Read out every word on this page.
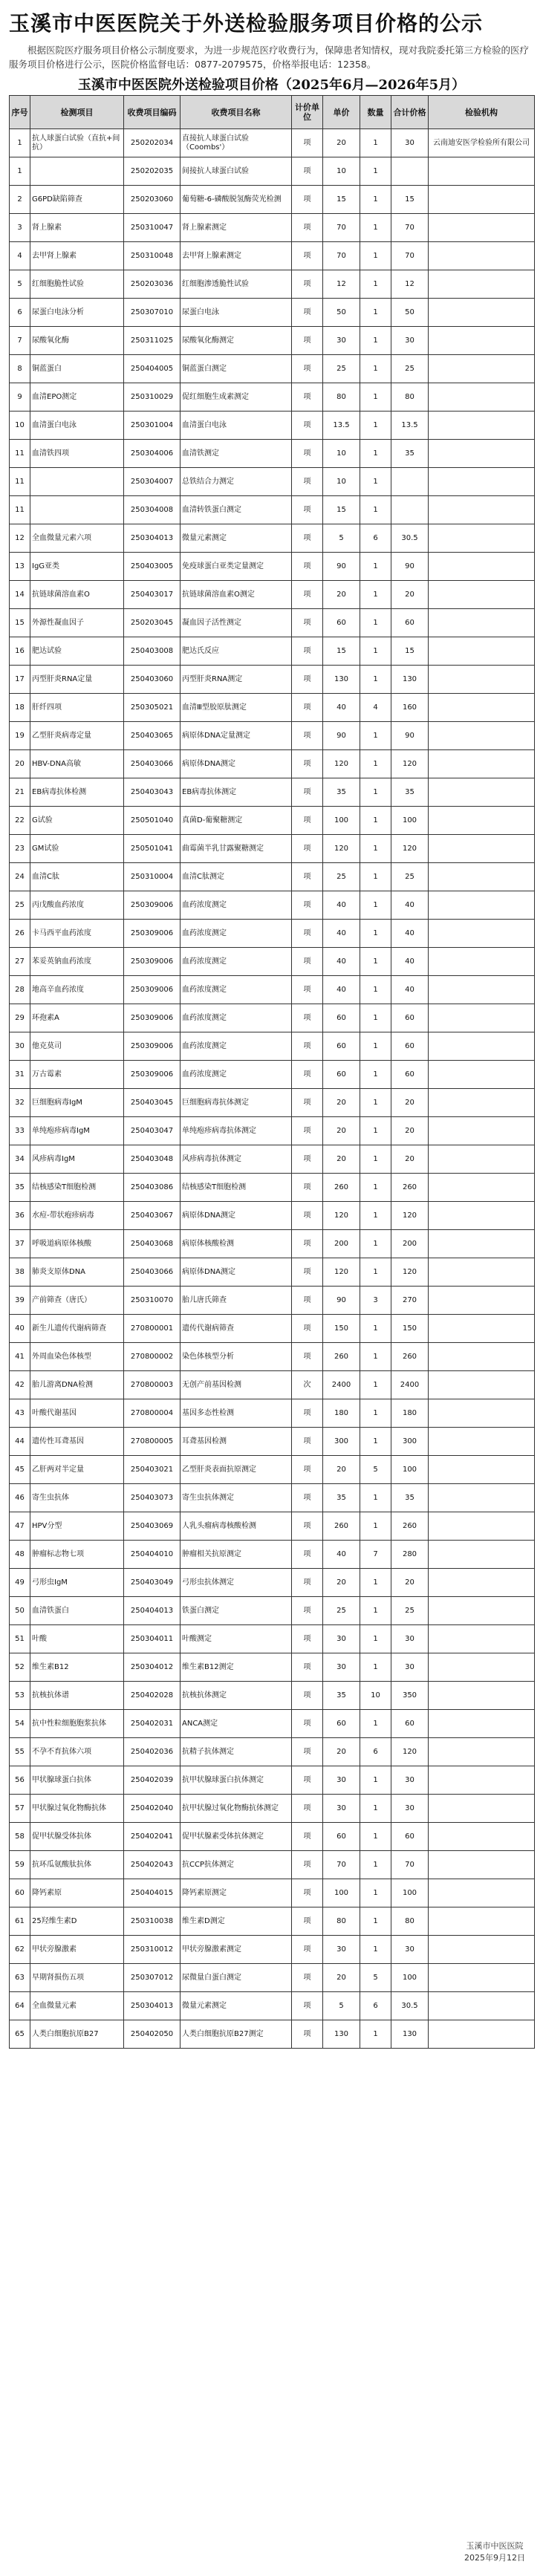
玉溪市中医医院关于外送检验服务项目价格的公示
根据医院医疗服务项目价格公示制度要求，为进一步规范医疗收费行为，保障患者知情权，现对我院委托第三方检验的医疗服务项目价格进行公示，医院价格监督电话：0877-2079575，价格举报电话：12358。
玉溪市中医医院外送检验项目价格（2025年6月—2026年5月）
序号	检测项目	收费项目编码	收费项目名称	计价单位	单价	数量	合计价格	检验机构
1	抗人球蛋白试验（直抗+间抗）	250202034	直接抗人球蛋白试验（Coombs'）	项	20	1	30	云南迪安医学检验所有限公司
1		250202035	间接抗人球蛋白试验	项	10	1		
2	G6PD缺陷筛查	250203060	葡萄糖-6-磷酸脱氢酶荧光检测	项	15	1	15	
3	肾上腺素	250310047	肾上腺素测定	项	70	1	70	
4	去甲肾上腺素	250310048	去甲肾上腺素测定	项	70	1	70	
5	红细胞脆性试验	250203036	红细胞渗透脆性试验	项	12	1	12	
6	尿蛋白电泳分析	250307010	尿蛋白电泳	项	50	1	50	
7	尿酸氧化酶	250311025	尿酸氧化酶测定	项	30	1	30	
8	铜蓝蛋白	250404005	铜蓝蛋白测定	项	25	1	25	
9	血清EPO测定	250310029	促红细胞生成素测定	项	80	1	80	
10	血清蛋白电泳	250301004	血清蛋白电泳	项	13.5	1	13.5	
11	血清铁四项	250304006	血清铁测定	项	10	1	35	
11		250304007	总铁结合力测定	项	10	1		
11		250304008	血清转铁蛋白测定	项	15	1		
12	全血微量元素六项	250304013	微量元素测定	项	5	6	30.5	
13	IgG亚类	250403005	免疫球蛋白亚类定量测定	项	90	1	90	
14	抗链球菌溶血素O	250403017	抗链球菌溶血素O测定	项	20	1	20	
15	外源性凝血因子	250203045	凝血因子活性测定	项	60	1	60	
16	肥达试验	250403008	肥达氏反应	项	15	1	15	
17	丙型肝炎RNA定量	250403060	丙型肝炎RNA测定	项	130	1	130	
18	肝纤四项	250305021	血清Ⅲ型胶原肽测定	项	40	4	160	
19	乙型肝炎病毒定量	250403065	病原体DNA定量测定	项	90	1	90	
20	HBV-DNA高敏	250403066	病原体DNA测定	项	120	1	120	
21	EB病毒抗体检测	250403043	EB病毒抗体测定	项	35	1	35	
22	G试验	250501040	真菌D-葡聚糖测定	项	100	1	100	
23	GM试验	250501041	曲霉菌半乳甘露聚糖测定	项	120	1	120	
24	血清C肽	250310004	血清C肽测定	项	25	1	25	
25	丙戊酸血药浓度	250309006	血药浓度测定	项	40	1	40	
26	卡马西平血药浓度	250309006	血药浓度测定	项	40	1	40	
27	苯妥英钠血药浓度	250309006	血药浓度测定	项	40	1	40	
28	地高辛血药浓度	250309006	血药浓度测定	项	40	1	40	
29	环孢素A	250309006	血药浓度测定	项	60	1	60	
30	他克莫司	250309006	血药浓度测定	项	60	1	60	
31	万古霉素	250309006	血药浓度测定	项	60	1	60	
32	巨细胞病毒IgM	250403045	巨细胞病毒抗体测定	项	20	1	20	
33	单纯疱疹病毒IgM	250403047	单纯疱疹病毒抗体测定	项	20	1	20	
34	风疹病毒IgM	250403048	风疹病毒抗体测定	项	20	1	20	
35	结核感染T细胞检测	250403086	结核感染T细胞检测	项	260	1	260	
36	水痘-带状疱疹病毒	250403067	病原体DNA测定	项	120	1	120	
37	呼吸道病原体核酸	250403068	病原体核酸检测	项	200	1	200	
38	肺炎支原体DNA	250403066	病原体DNA测定	项	120	1	120	
39	产前筛查（唐氏）	250310070	胎儿唐氏筛查	项	90	3	270	
40	新生儿遗传代谢病筛查	270800001	遗传代谢病筛查	项	150	1	150	
41	外周血染色体核型	270800002	染色体核型分析	项	260	1	260	
42	胎儿游离DNA检测	270800003	无创产前基因检测	次	2400	1	2400	
43	叶酸代谢基因	270800004	基因多态性检测	项	180	1	180	
44	遗传性耳聋基因	270800005	耳聋基因检测	项	300	1	300	
45	乙肝两对半定量	250403021	乙型肝炎表面抗原测定	项	20	5	100	
46	寄生虫抗体	250403073	寄生虫抗体测定	项	35	1	35	
47	HPV分型	250403069	人乳头瘤病毒核酸检测	项	260	1	260	
48	肿瘤标志物七项	250404010	肿瘤相关抗原测定	项	40	7	280	
49	弓形虫IgM	250403049	弓形虫抗体测定	项	20	1	20	
50	血清铁蛋白	250404013	铁蛋白测定	项	25	1	25	
51	叶酸	250304011	叶酸测定	项	30	1	30	
52	维生素B12	250304012	维生素B12测定	项	30	1	30	
53	抗核抗体谱	250402028	抗核抗体测定	项	35	10	350	
54	抗中性粒细胞胞浆抗体	250402031	ANCA测定	项	60	1	60	
55	不孕不育抗体六项	250402036	抗精子抗体测定	项	20	6	120	
56	甲状腺球蛋白抗体	250402039	抗甲状腺球蛋白抗体测定	项	30	1	30	
57	甲状腺过氧化物酶抗体	250402040	抗甲状腺过氧化物酶抗体测定	项	30	1	30	
58	促甲状腺受体抗体	250402041	促甲状腺素受体抗体测定	项	60	1	60	
59	抗环瓜氨酸肽抗体	250402043	抗CCP抗体测定	项	70	1	70	
60	降钙素原	250404015	降钙素原测定	项	100	1	100	
61	25羟维生素D	250310038	维生素D测定	项	80	1	80	
62	甲状旁腺激素	250310012	甲状旁腺激素测定	项	30	1	30	
63	早期肾损伤五项	250307012	尿微量白蛋白测定	项	20	5	100	
64	全血微量元素	250304013	微量元素测定	项	5	6	30.5	
65	人类白细胞抗原B27	250402050	人类白细胞抗原B27测定	项	130	1	130	
玉溪市中医医院
2025年9月12日
